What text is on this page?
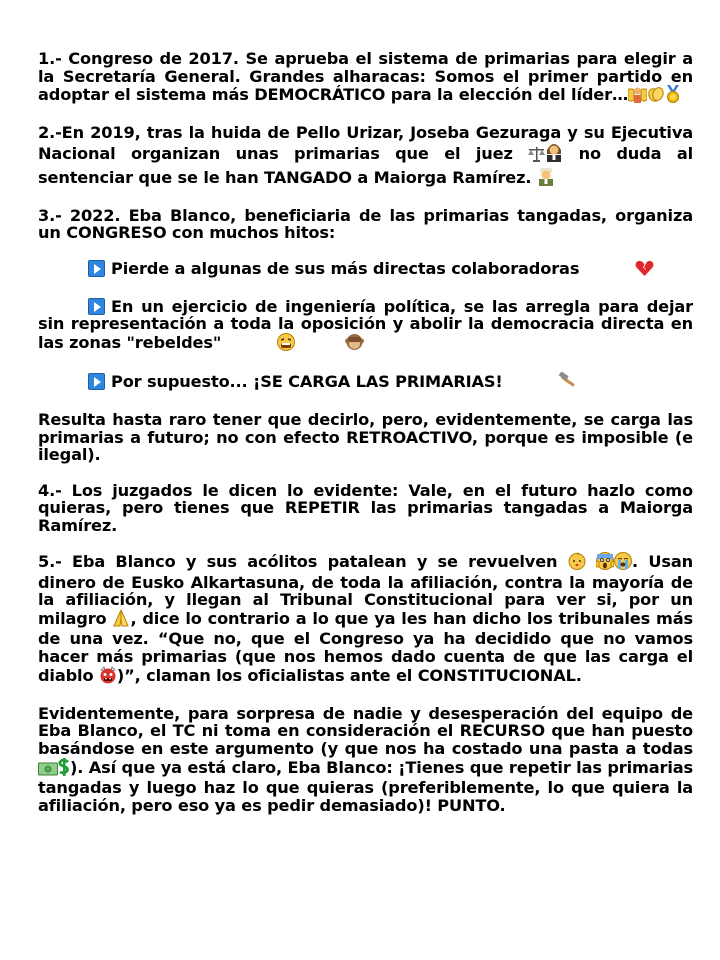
1.- Congreso de 2017. Se aprueba el sistema de primarias para elegir a la Secretaría General. Grandes alharacas: Somos el primer partido en adoptar el sistema más DEMOCRÁTICO para la elección del líder…

2.-En 2019, tras la huida de Pello Urizar, Joseba Gezuraga y su Ejecutiva Nacional organizan unas primarias que el juez  no duda al sentenciar que se le han TANGADO a Maiorga Ramírez.

3.- 2022. Eba Blanco, beneficiaria de las primarias tangadas, organiza un CONGRESO con muchos hitos:

Pierde a algunas de sus más directas colaboradoras

En un ejercicio de ingeniería política, se las arregla para dejar sin representación a toda la oposición y abolir la democracia directa en las zonas "rebeldes"

Por supuesto... ¡SE CARGA LAS PRIMARIAS!

Resulta hasta raro tener que decirlo, pero, evidentemente, se carga las primarias a futuro; no con efecto RETROACTIVO, porque es imposible (e ilegal).

4.- Los juzgados le dicen lo evidente: Vale, en el futuro hazlo como quieras, pero tienes que REPETIR las primarias tangadas a Maiorga Ramírez.

5.- Eba Blanco y sus acólitos patalean y se revuelven	. Usan dinero de Eusko Alkartasuna, de toda la afiliación, contra la mayoría de la afiliación, y llegan al Tribunal Constitucional para ver si, por un milagro , dice lo contrario a lo que ya les han dicho los tribunales más de una vez. “Que no, que el Congreso ya ha decidido que no vamos hacer más primarias (que nos hemos dado cuenta de que las carga el diablo )”, claman los oficialistas ante el CONSTITUCIONAL.

Evidentemente, para sorpresa de nadie y desesperación del equipo de Eba Blanco, el TC ni toma en consideración el RECURSO que han puesto basándose en este argumento (y que nos ha costado una pasta a todas ). Así que ya está claro, Eba Blanco: ¡Tienes que repetir las primarias tangadas y luego haz lo que quieras (preferiblemente, lo que quiera la afiliación, pero eso ya es pedir demasiado)! PUNTO.
